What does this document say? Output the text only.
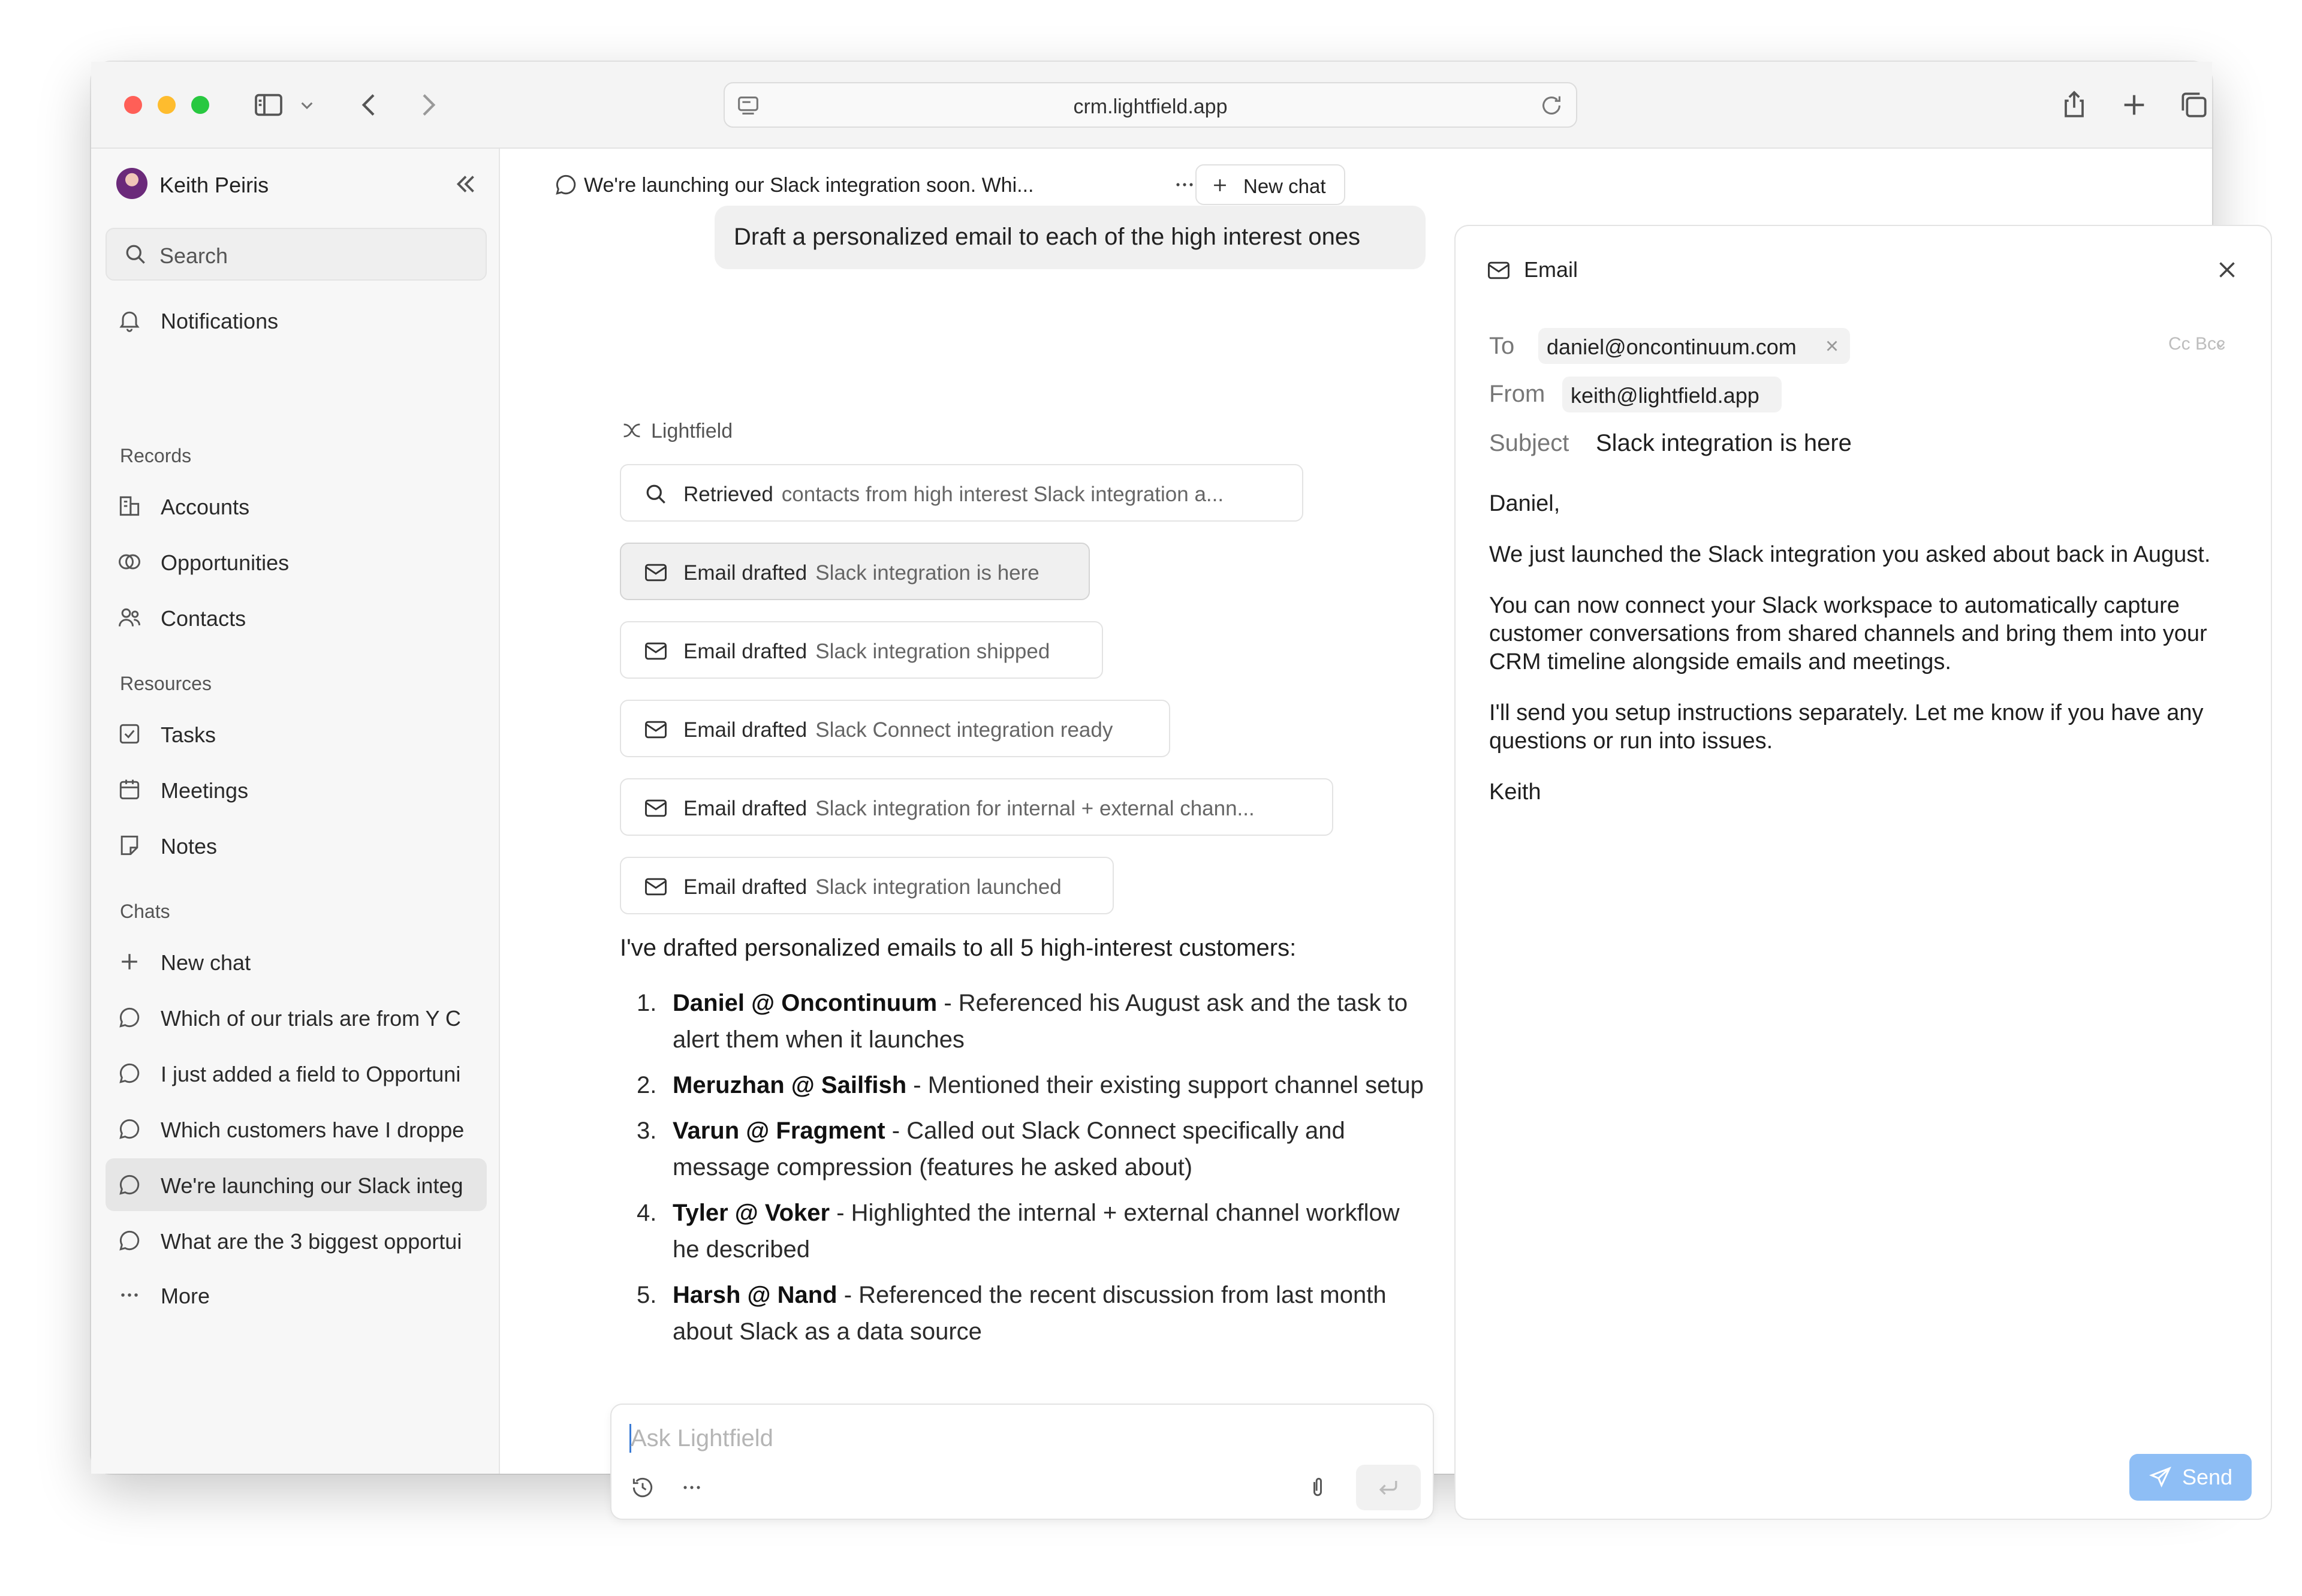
crm.lightfield.app
Keith Peiris
Search
Notifications
Records
Accounts
Opportunities
Contacts
Resources
Tasks
Meetings
Notes
Chats
New chat
Which of our trials are from Y C
I just added a field to Opportuni
Which customers have I droppe
We're launching our Slack integ
What are the 3 biggest opportui
More
We're launching our Slack integration soon. Whi...	New chat
Draft a personalized email to each of the high interest ones
Lightfield
Retrieved contacts from high interest Slack integration a...
Email drafted Slack integration is here
Email drafted Slack integration shipped
Email drafted Slack Connect integration ready
Email drafted Slack integration for internal + external chann...
Email drafted Slack integration launched
I've drafted personalized emails to all 5 high-interest customers:
1. Daniel @ Oncontinuum - Referenced his August ask and the task to alert them when it launches
2. Meruzhan @ Sailfish - Mentioned their existing support channel setup
3. Varun @ Fragment - Called out Slack Connect specifically and message compression (features he asked about)
4. Tyler @ Voker - Highlighted the internal + external channel workflow he described
5. Harsh @ Nand - Referenced the recent discussion from last month about Slack as a data source
Ask Lightfield
Email
To daniel@oncontinuum.com	Cc Bcc
From keith@lightfield.app
Subject Slack integration is here

Daniel,

We just launched the Slack integration you asked about back in August.

You can now connect your Slack workspace to automatically capture customer conversations from shared channels and bring them into your CRM timeline alongside emails and meetings.

I'll send you setup instructions separately. Let me know if you have any questions or run into issues.

Keith

Send
